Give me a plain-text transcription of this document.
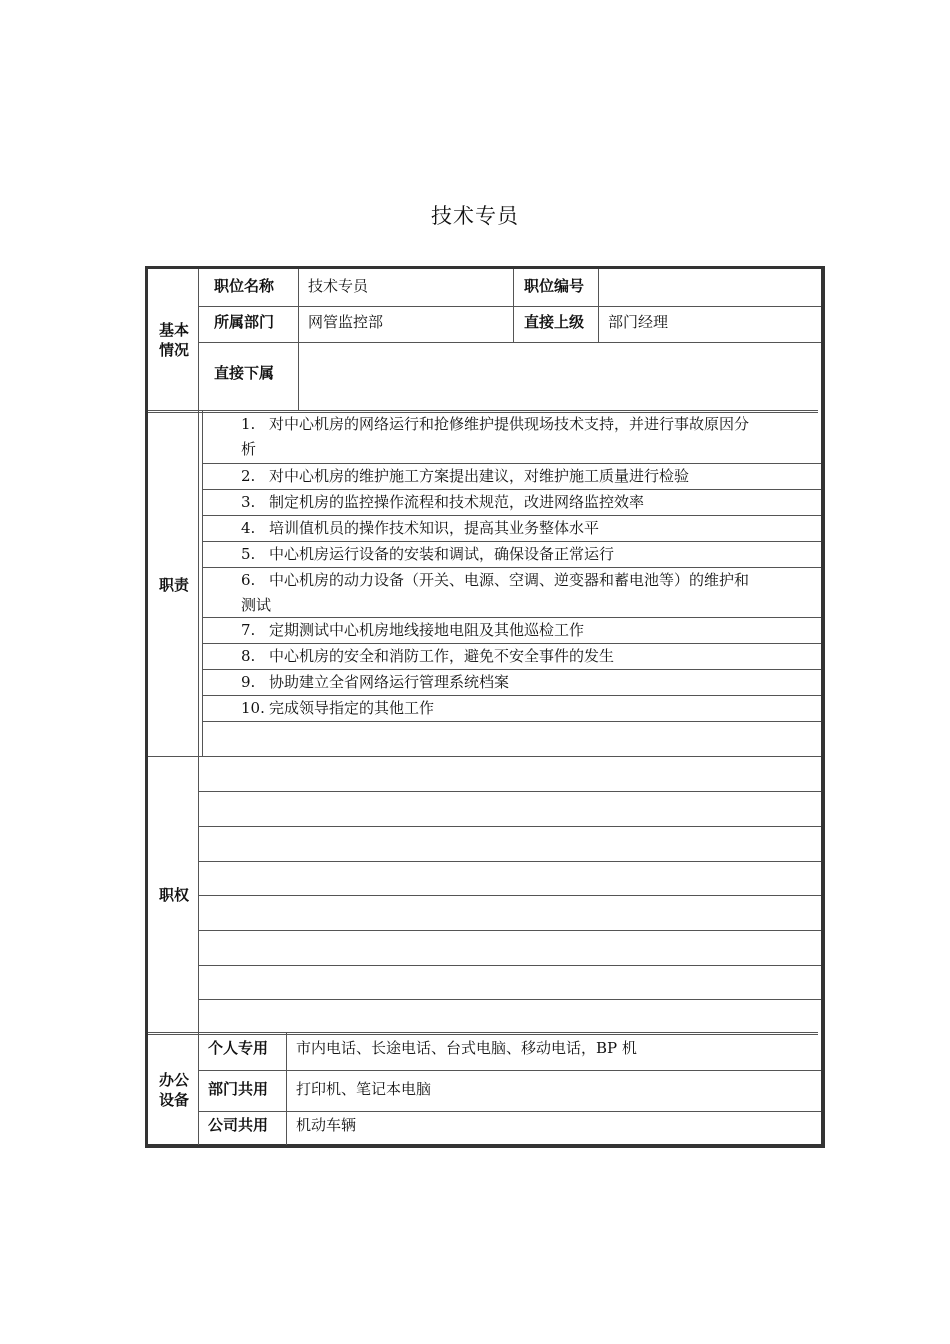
技术专员
基本
情况
职位名称 技术专员	职位编号
所属部门 网管监控部	直接上级 部门经理
直接下属
职责
1. 对中心机房的网络运行和抢修维护提供现场技术支持，并进行事故原因分
析
2. 对中心机房的维护施工方案提出建议，对维护施工质量进行检验
3. 制定机房的监控操作流程和技术规范，改进网络监控效率
4. 培训值机员的操作技术知识，提高其业务整体水平
5. 中心机房运行设备的安装和调试，确保设备正常运行
6. 中心机房的动力设备（开关、电源、空调、逆变器和蓄电池等）的维护和
测试
7. 定期测试中心机房地线接地电阻及其他巡检工作
8. 中心机房的安全和消防工作，避免不安全事件的发生
9. 协助建立全省网络运行管理系统档案
10. 完成领导指定的其他工作
职权
办公
设备
个人专用 市内电话、长途电话、台式电脑、移动电话，BP 机
部门共用 打印机、笔记本电脑
公司共用 机动车辆
